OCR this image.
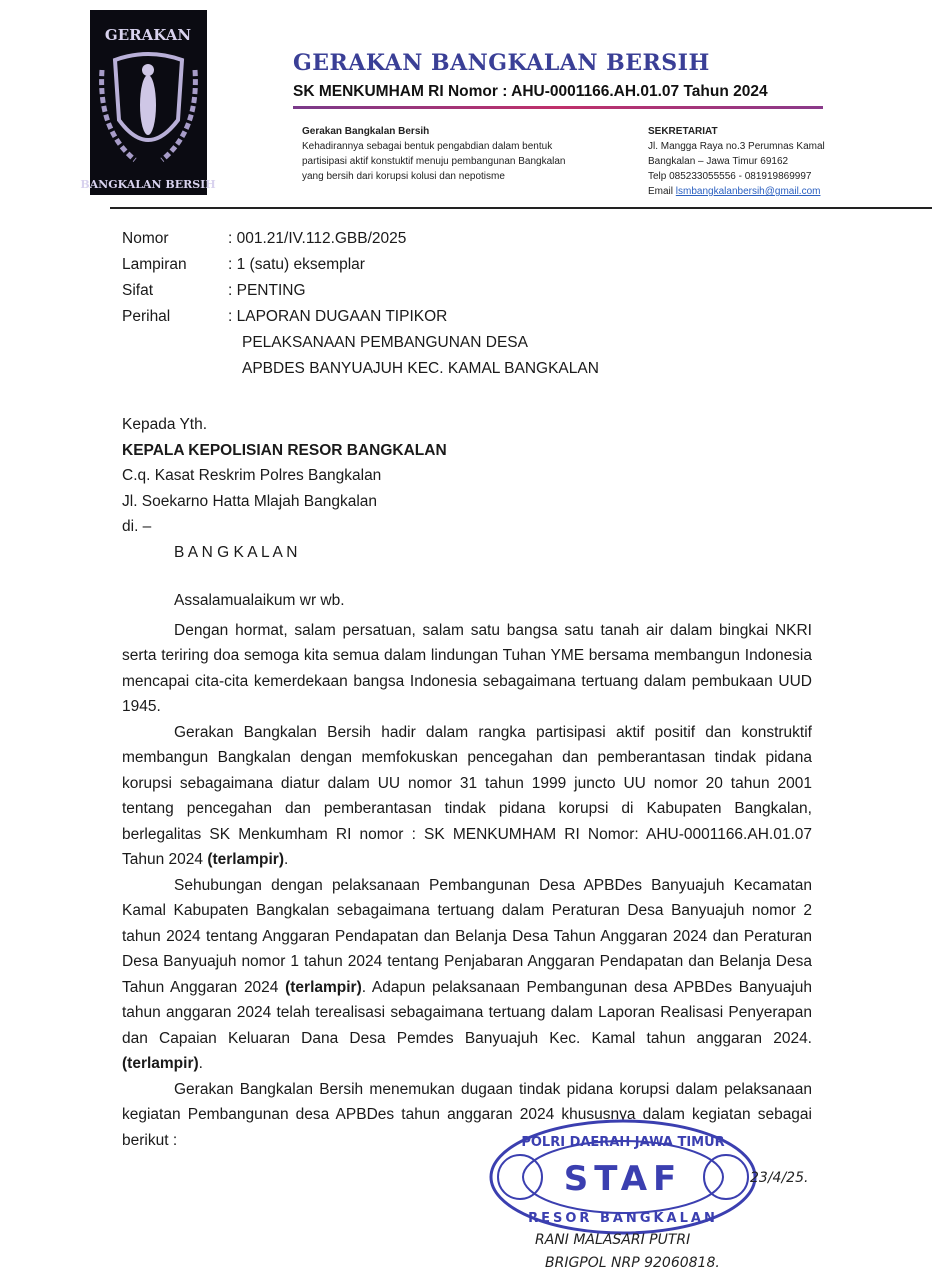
GERAKAN
BANGKALAN BERSIH
GERAKAN BANGKALAN BERSIH
SK MENKUMHAM RI Nomor : AHU-0001166.AH.01.07 Tahun 2024
Gerakan Bangkalan Bersih
Kehadirannya sebagai bentuk pengabdian dalam bentuk
partisipasi aktif konstuktif menuju pembangunan Bangkalan
yang bersih dari korupsi kolusi dan nepotisme
SEKRETARIAT
Jl. Mangga Raya no.3 Perumnas Kamal
Bangkalan – Jawa Timur 69162
Telp 085233055556 - 081919869997
Email lsmbangkalanbersih@gmail.com
Nomor	: 001.21/IV.112.GBB/2025
Lampiran	: 1 (satu) eksemplar
Sifat	: PENTING
Perihal	: LAPORAN DUGAAN TIPIKOR
PELAKSANAAN PEMBANGUNAN DESA
APBDES BANYUAJUH KEC. KAMAL BANGKALAN
Kepada Yth.
KEPALA KEPOLISIAN RESOR BANGKALAN
C.q. Kasat Reskrim Polres Bangkalan
Jl. Soekarno Hatta Mlajah Bangkalan
di. –
B A N G K A L A N

Assalamualaikum wr wb.

Dengan hormat, salam persatuan, salam satu bangsa satu tanah air dalam bingkai NKRI serta teriring doa semoga kita semua dalam lindungan Tuhan YME bersama membangun Indonesia mencapai cita-cita kemerdekaan bangsa Indonesia sebagaimana tertuang dalam pembukaan UUD 1945.

Gerakan Bangkalan Bersih hadir dalam rangka partisipasi aktif positif dan konstruktif membangun Bangkalan dengan memfokuskan pencegahan dan pemberantasan tindak pidana korupsi sebagaimana diatur dalam UU nomor 31 tahun 1999 juncto UU nomor 20 tahun 2001 tentang pencegahan dan pemberantasan tindak pidana korupsi di Kabupaten Bangkalan, berlegalitas SK Menkumham RI nomor : SK MENKUMHAM RI Nomor: AHU-0001166.AH.01.07 Tahun 2024 (terlampir).

Sehubungan dengan pelaksanaan Pembangunan Desa APBDes Banyuajuh Kecamatan Kamal Kabupaten Bangkalan sebagaimana tertuang dalam Peraturan Desa Banyuajuh nomor 2 tahun 2024 tentang Anggaran Pendapatan dan Belanja Desa Tahun Anggaran 2024 dan Peraturan Desa Banyuajuh nomor 1 tahun 2024 tentang Penjabaran Anggaran Pendapatan dan Belanja Desa Tahun Anggaran 2024 (terlampir). Adapun pelaksanaan Pembangunan desa APBDes Banyuajuh tahun anggaran 2024 telah terealisasi sebagaimana tertuang dalam Laporan Realisasi Penyerapan dan Capaian Keluaran Dana Desa Pemdes Banyuajuh Kec. Kamal tahun anggaran 2024. (terlampir).

Gerakan Bangkalan Bersih menemukan dugaan tindak pidana korupsi dalam pelaksanaan kegiatan Pembangunan desa APBDes tahun anggaran 2024 khususnya dalam kegiatan sebagai berikut :	POLRI DAERAH JAWA TIMUR
STAF
RESOR BANGKALAN
23/4/25.
RANI MALASARI PUTRI
BRIGPOL NRP 92060818.
